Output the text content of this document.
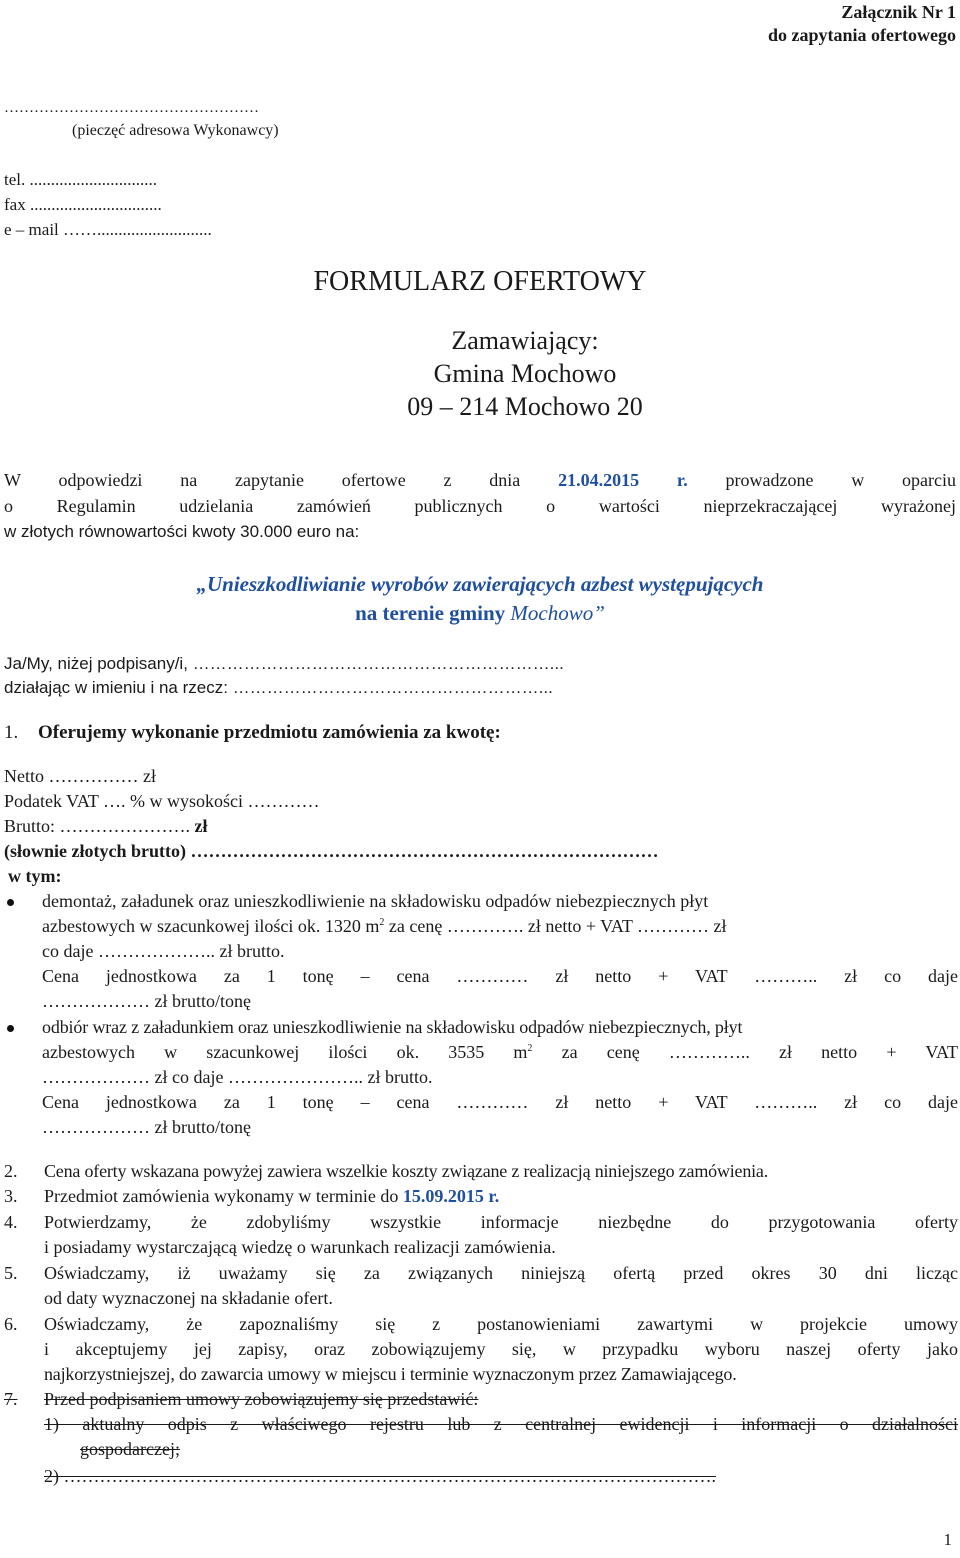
Załącznik Nr 1
do zapytania ofertowego
……………………………………………
(pieczęć adresowa Wykonawcy)
tel. ..............................
fax ...............................
e – mail ……...........................
FORMULARZ OFERTOWY
Zamawiający:
Gmina Mochowo
09 – 214 Mochowo 20
W odpowiedzi na zapytanie ofertowe z dnia 21.04.2015 r. prowadzone w oparciu
o Regulamin udzielania zamówień publicznych o wartości nieprzekraczającej wyrażonej
w złotych równowartości kwoty 30.000 euro na:
„Unieszkodliwianie wyrobów zawierających azbest występujących
na terenie gminy Mochowo”
Ja/My, niżej podpisany/i, ………………………………………………………...
działając w imieniu i na rzecz: ………………………………………………...
1. Oferujemy wykonanie przedmiotu zamówienia za kwotę:
Netto …………… zł
Podatek VAT …. % w wysokości …………
Brutto: …………………. zł
(słownie złotych brutto) ……………………………………………………………………
w tym:
demontaż, załadunek oraz unieszkodliwienie na składowisku odpadów niebezpiecznych płyt
azbestowych w szacunkowej ilości ok. 1320 $m^2$ za cenę …………. zł netto + VAT ………… zł
co daje ……………….. zł brutto.
Cena jednostkowa za 1 tonę – cena ………… zł netto + VAT ……….. zł co daje
……………… zł brutto/tonę
odbiór wraz z załadunkiem oraz unieszkodliwienie na składowisku odpadów niebezpiecznych, płyt
azbestowych w szacunkowej ilości ok. 3535 $m^2$ za cenę ………….. zł netto + VAT
……………… zł co daje ………………….. zł brutto.
Cena jednostkowa za 1 tonę – cena ………… zł netto + VAT ……….. zł co daje
……………… zł brutto/tonę
2. Cena oferty wskazana powyżej zawiera wszelkie koszty związane z realizacją niniejszego zamówienia.
3. Przedmiot zamówienia wykonamy w terminie do 15.09.2015 r.
4. Potwierdzamy, że zdobyliśmy wszystkie informacje niezbędne do przygotowania oferty
i posiadamy wystarczającą wiedzę o warunkach realizacji zamówienia.
5. Oświadczamy, iż uważamy się za związanych niniejszą ofertą przed okres 30 dni licząc
od daty wyznaczonej na składanie ofert.
6. Oświadczamy, że zapoznaliśmy się z postanowieniami zawartymi w projekcie umowy
i akceptujemy jej zapisy, oraz zobowiązujemy się, w przypadku wyboru naszej oferty jako
najkorzystniejszej, do zawarcia umowy w miejscu i terminie wyznaczonym przez Zamawiającego.
7. Przed podpisaniem umowy zobowiązujemy się przedstawić:
1) aktualny odpis z właściwego rejestru lub z centralnej ewidencji i informacji o działalności
gospodarczej;
2) ……………………………………………………………………………………………….
1
